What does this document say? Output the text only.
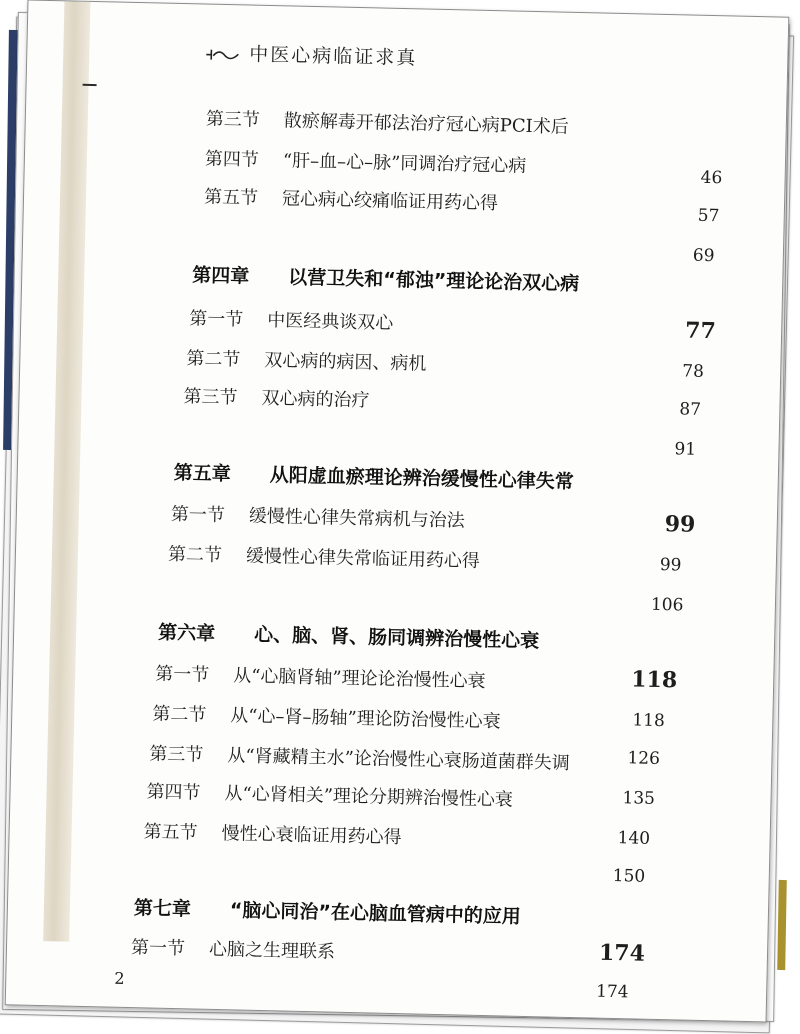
中医心病临证求真
第三节 散瘀解毒开郁法治疗冠心病PCI术后
第四节 “肝–血–心–脉”同调治疗冠心病
第五节 冠心病心绞痛临证用药心得
第四章 以营卫失和“郁浊”理论论治双心病
第一节 中医经典谈双心
第二节 双心病的病因、病机
第三节 双心病的治疗
第五章 从阳虚血瘀理论辨治缓慢性心律失常
第一节 缓慢性心律失常病机与治法
第二节 缓慢性心律失常临证用药心得
第六章 心、脑、肾、肠同调辨治慢性心衰
第一节 从“心脑肾轴”理论论治慢性心衰
第二节 从“心–肾–肠轴”理论防治慢性心衰
第三节 从“肾藏精主水”论治慢性心衰肠道菌群失调
第四节 从“心肾相关”理论分期辨治慢性心衰
第五节 慢性心衰临证用药心得
第七章 “脑心同治”在心脑血管病中的应用
第一节 心脑之生理联系
46
57
69
77
78
87
91
99
99
106
118
118
126
135
140
150
174
174
2
